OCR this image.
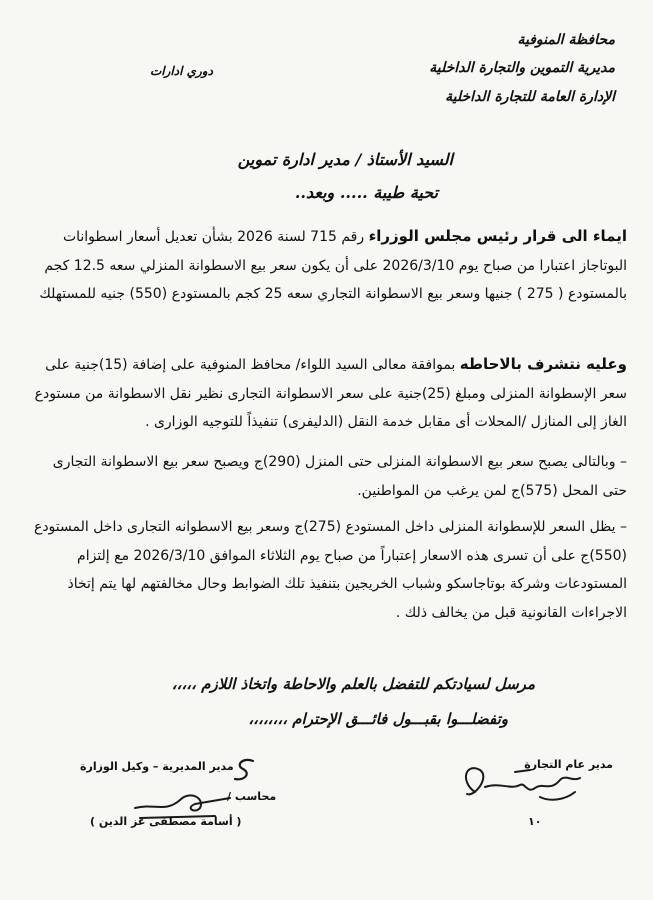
محافظة المنوفية
مديرية التموين والتجارة الداخلية
الإدارة العامة للتجارة الداخلية
دوري ادارات
السيد الأستاذ / مدير ادارة تموين
تحية طيبة ..... وبعد..
ايماء الى قرار رئيس مجلس الوزراء رقم 715 لسنة 2026 بشأن تعديل أسعار اسطوانات
البوتاجاز اعتبارا من صباح يوم 2026/3/10 على أن يكون سعر بيع الاسطوانة المنزلي سعه 12.5 كجم
بالمستودع ( 275 ) جنيها وسعر بيع الاسطوانة التجاري سعه 25 كجم بالمستودع (550) جنيه للمستهلك
وعليه نتشرف بالاحاطه بموافقة معالى السيد اللواء/ محافظ المنوفية على إضافة (15)جنية على
سعر الإسطوانة المنزلى ومبلغ (25)جنية على سعر الاسطوانة التجارى نظير نقل الاسطوانة من مستودع
الغاز إلى المنازل /المحلات أى مقابل خدمة النقل (الدليفرى) تنفيذاً للتوجيه الوزارى .
– وبالتالى يصبح سعر بيع الاسطوانة المنزلى حتى المنزل (290)ج ويصبح سعر بيع الاسطوانة التجارى
حتى المحل (575)ج لمن يرغب من المواطنين.
– يظل السعر للإسطوانة المنزلى داخل المستودع (275)ج وسعر بيع الاسطوانه التجارى داخل المستودع
(550)ج على أن تسرى هذه الاسعار إعتباراً من صباح يوم الثلاثاء الموافق 2026/3/10 مع إلتزام
المستودعات وشركة بوتاجاسكو وشباب الخريجين بتنفيذ تلك الضوابط وحال مخالفتهم لها يتم إتخاذ
الاجراءات القانونية قبل من يخالف ذلك .
مرسل لسيادتكم للتفضل بالعلم والاحاطة واتخاذ اللازم ،،،،،
وتفضلـــوا بقبـــول فائـــق الإحترام ،،،،،،،،
مدير عام التجارة
١٠
مدير المديرية – وكيل الوزارة
محاسب /
( أسامة مصطفى عز الدين )
